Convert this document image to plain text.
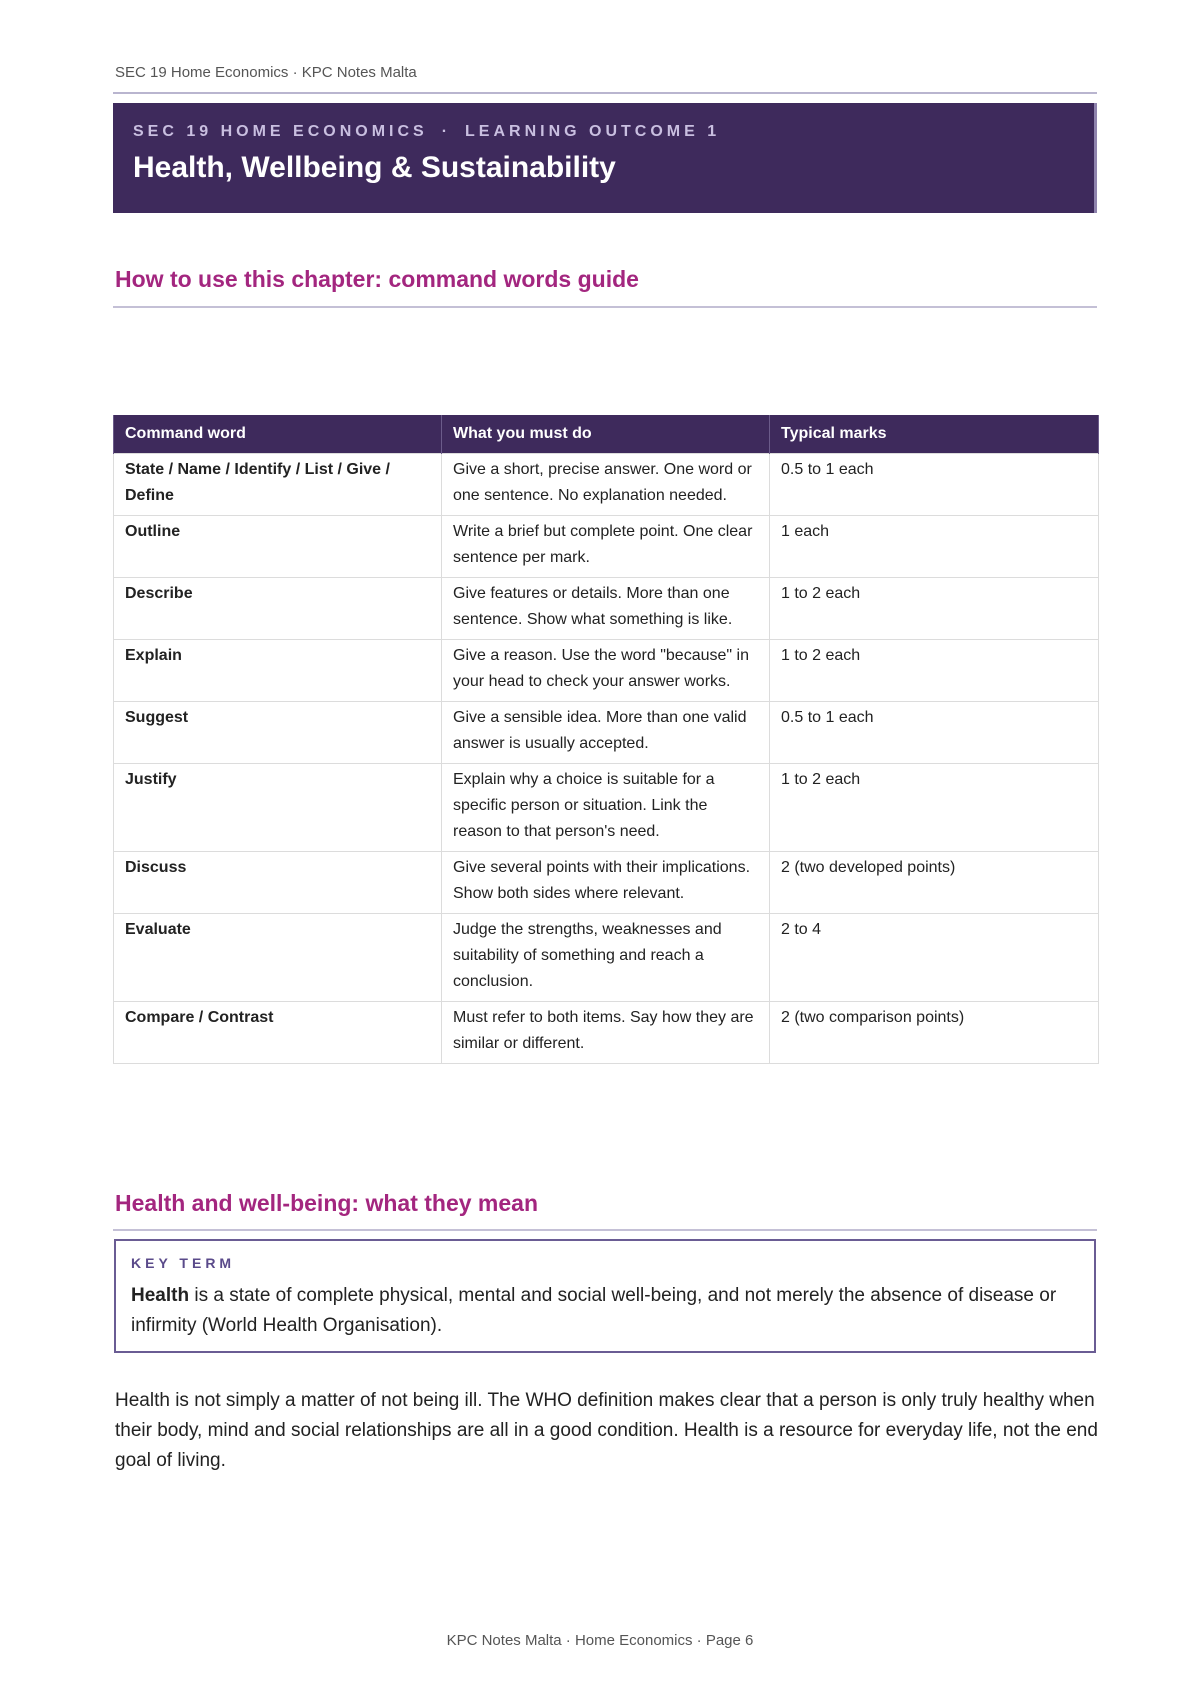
SEC 19 Home Economics · KPC Notes Malta
SEC 19 HOME ECONOMICS · LEARNING OUTCOME 1
Health, Wellbeing & Sustainability
How to use this chapter: command words guide
Command word	What you must do	Typical marks
State / Name / Identify / List / Give / Define	Give a short, precise answer. One word or one sentence. No explanation needed.	0.5 to 1 each
Outline	Write a brief but complete point. One clear sentence per mark.	1 each
Describe	Give features or details. More than one sentence. Show what something is like.	1 to 2 each
Explain	Give a reason. Use the word "because" in your head to check your answer works.	1 to 2 each
Suggest	Give a sensible idea. More than one valid answer is usually accepted.	0.5 to 1 each
Justify	Explain why a choice is suitable for a specific person or situation. Link the reason to that person's need.	1 to 2 each
Discuss	Give several points with their implications. Show both sides where relevant.	2 (two developed points)
Evaluate	Judge the strengths, weaknesses and suitability of something and reach a conclusion.	2 to 4
Compare / Contrast	Must refer to both items. Say how they are similar or different.	2 (two comparison points)
Health and well-being: what they mean
KEY TERM
Health is a state of complete physical, mental and social well-being, and not merely the absence of disease or infirmity (World Health Organisation).
Health is not simply a matter of not being ill. The WHO definition makes clear that a person is only truly healthy when their body, mind and social relationships are all in a good condition. Health is a resource for everyday life, not the end goal of living.
KPC Notes Malta · Home Economics · Page 6
